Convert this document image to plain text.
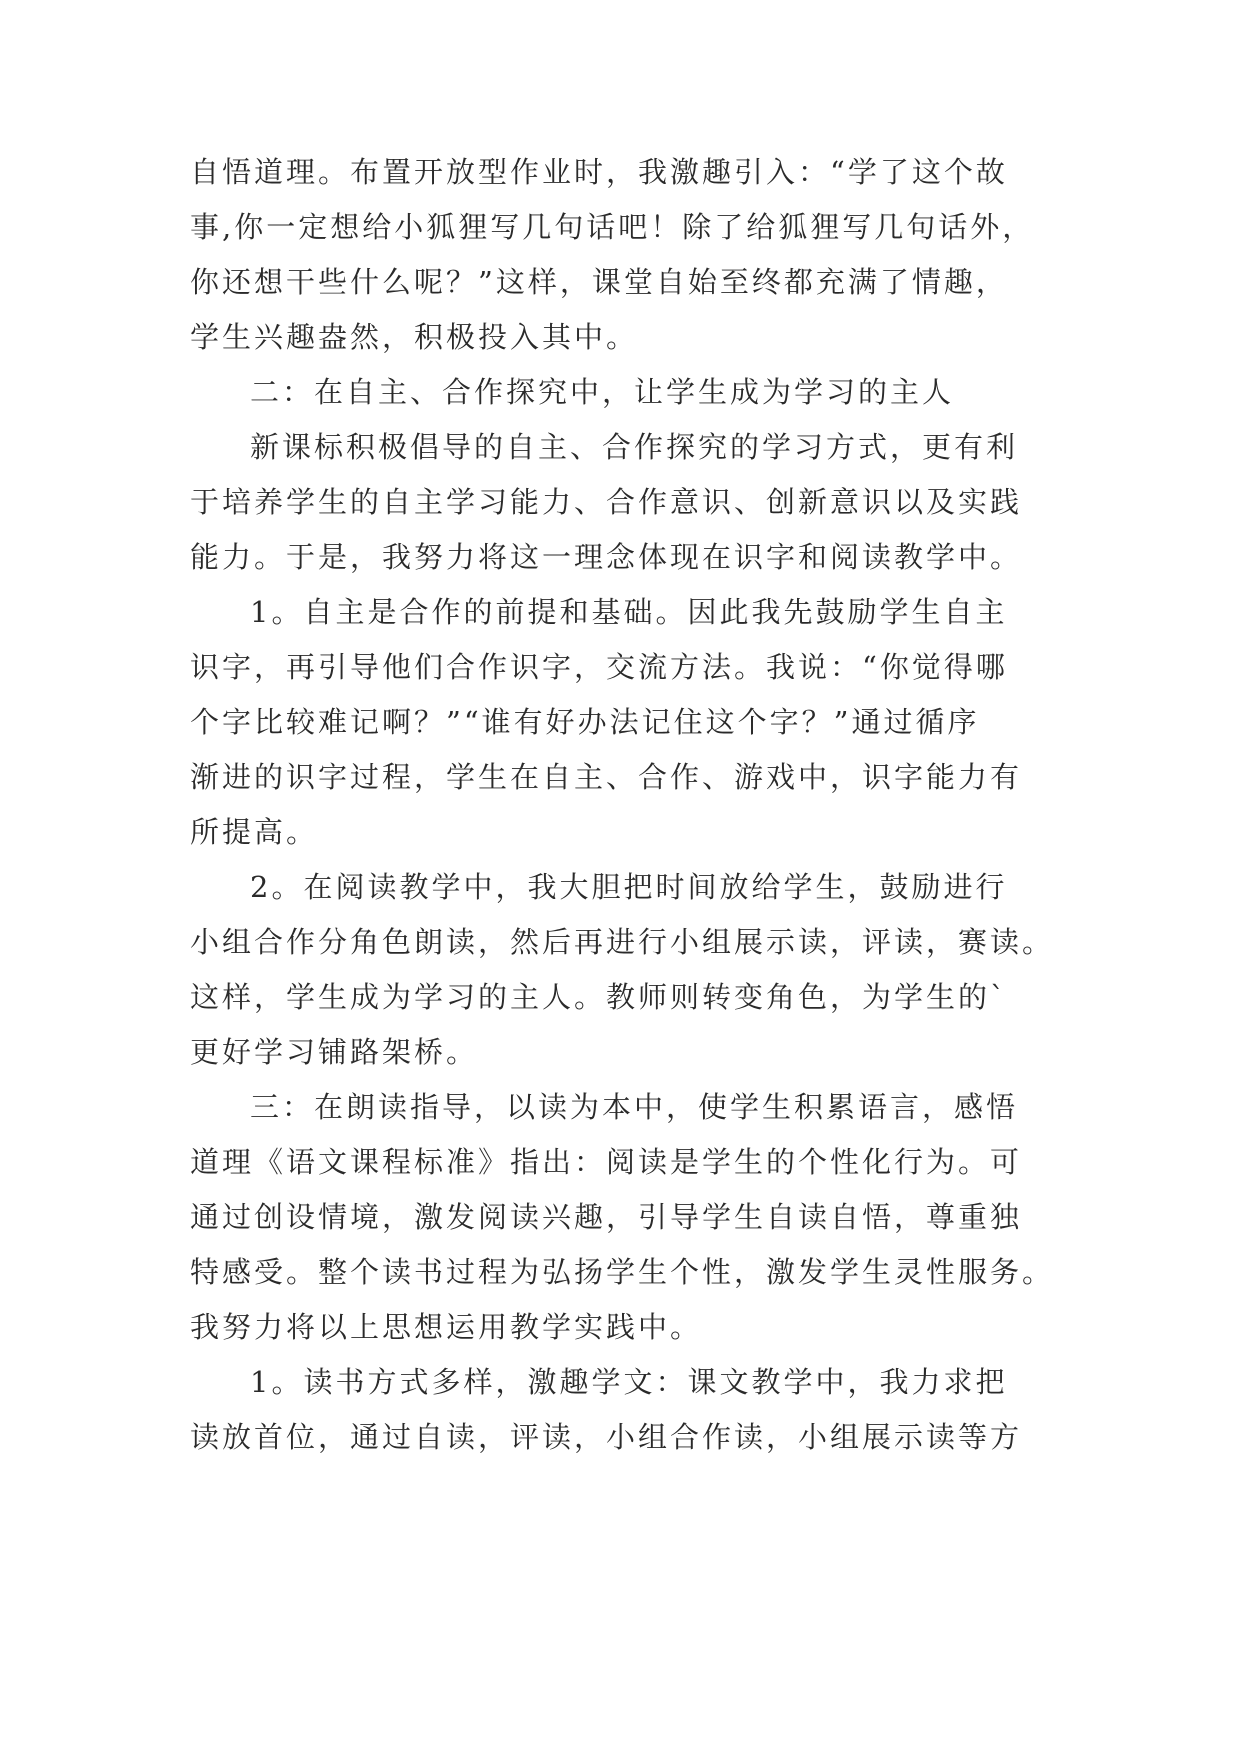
自悟道理。布置开放型作业时，我激趣引入：“学了这个故
事,你一定想给小狐狸写几句话吧！除了给狐狸写几句话外，
你还想干些什么呢？”这样，课堂自始至终都充满了情趣，
学生兴趣盎然，积极投入其中。
二：在自主、合作探究中，让学生成为学习的主人
新课标积极倡导的自主、合作探究的学习方式，更有利
于培养学生的自主学习能力、合作意识、创新意识以及实践
能力。于是，我努力将这一理念体现在识字和阅读教学中。
1。自主是合作的前提和基础。因此我先鼓励学生自主
识字，再引导他们合作识字，交流方法。我说：“你觉得哪
个字比较难记啊？”“谁有好办法记住这个字？”通过循序
渐进的识字过程，学生在自主、合作、游戏中，识字能力有
所提高。
2。在阅读教学中，我大胆把时间放给学生，鼓励进行
小组合作分角色朗读，然后再进行小组展示读，评读，赛读。
这样，学生成为学习的主人。教师则转变角色，为学生的`
更好学习铺路架桥。
三：在朗读指导，以读为本中，使学生积累语言，感悟
道理《语文课程标准》指出：阅读是学生的个性化行为。可
通过创设情境，激发阅读兴趣，引导学生自读自悟，尊重独
特感受。整个读书过程为弘扬学生个性，激发学生灵性服务。
我努力将以上思想运用教学实践中。
1。读书方式多样，激趣学文：课文教学中，我力求把
读放首位，通过自读，评读，小组合作读，小组展示读等方
